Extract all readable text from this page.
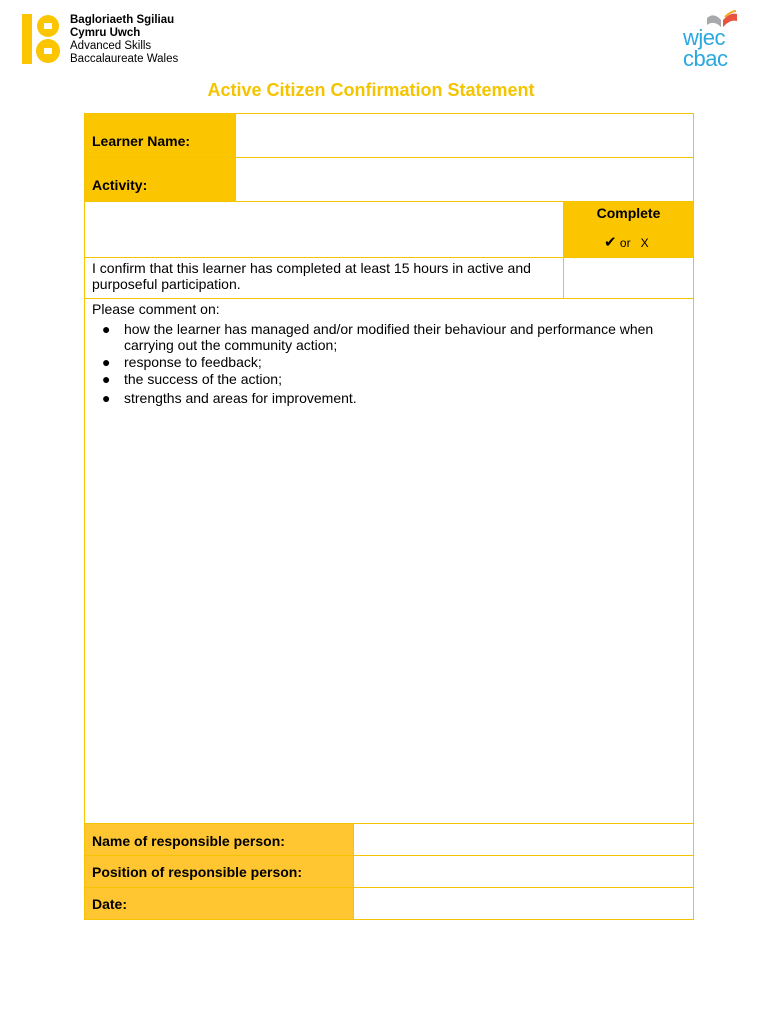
Bagloriaeth Sgiliau
Cymru Uwch
Advanced Skills
Baccalaureate Wales
wjec
cbac
Active Citizen Confirmation Statement
Learner Name:
Activity:
Complete
✔ or X
I confirm that this learner has completed at least 15 hours in active and purposeful participation.
Please comment on:
● how the learner has managed and/or modified their behaviour and performance when carrying out the community action;
● response to feedback;
● the success of the action;
● strengths and areas for improvement.
Name of responsible person:
Position of responsible person:
Date:
